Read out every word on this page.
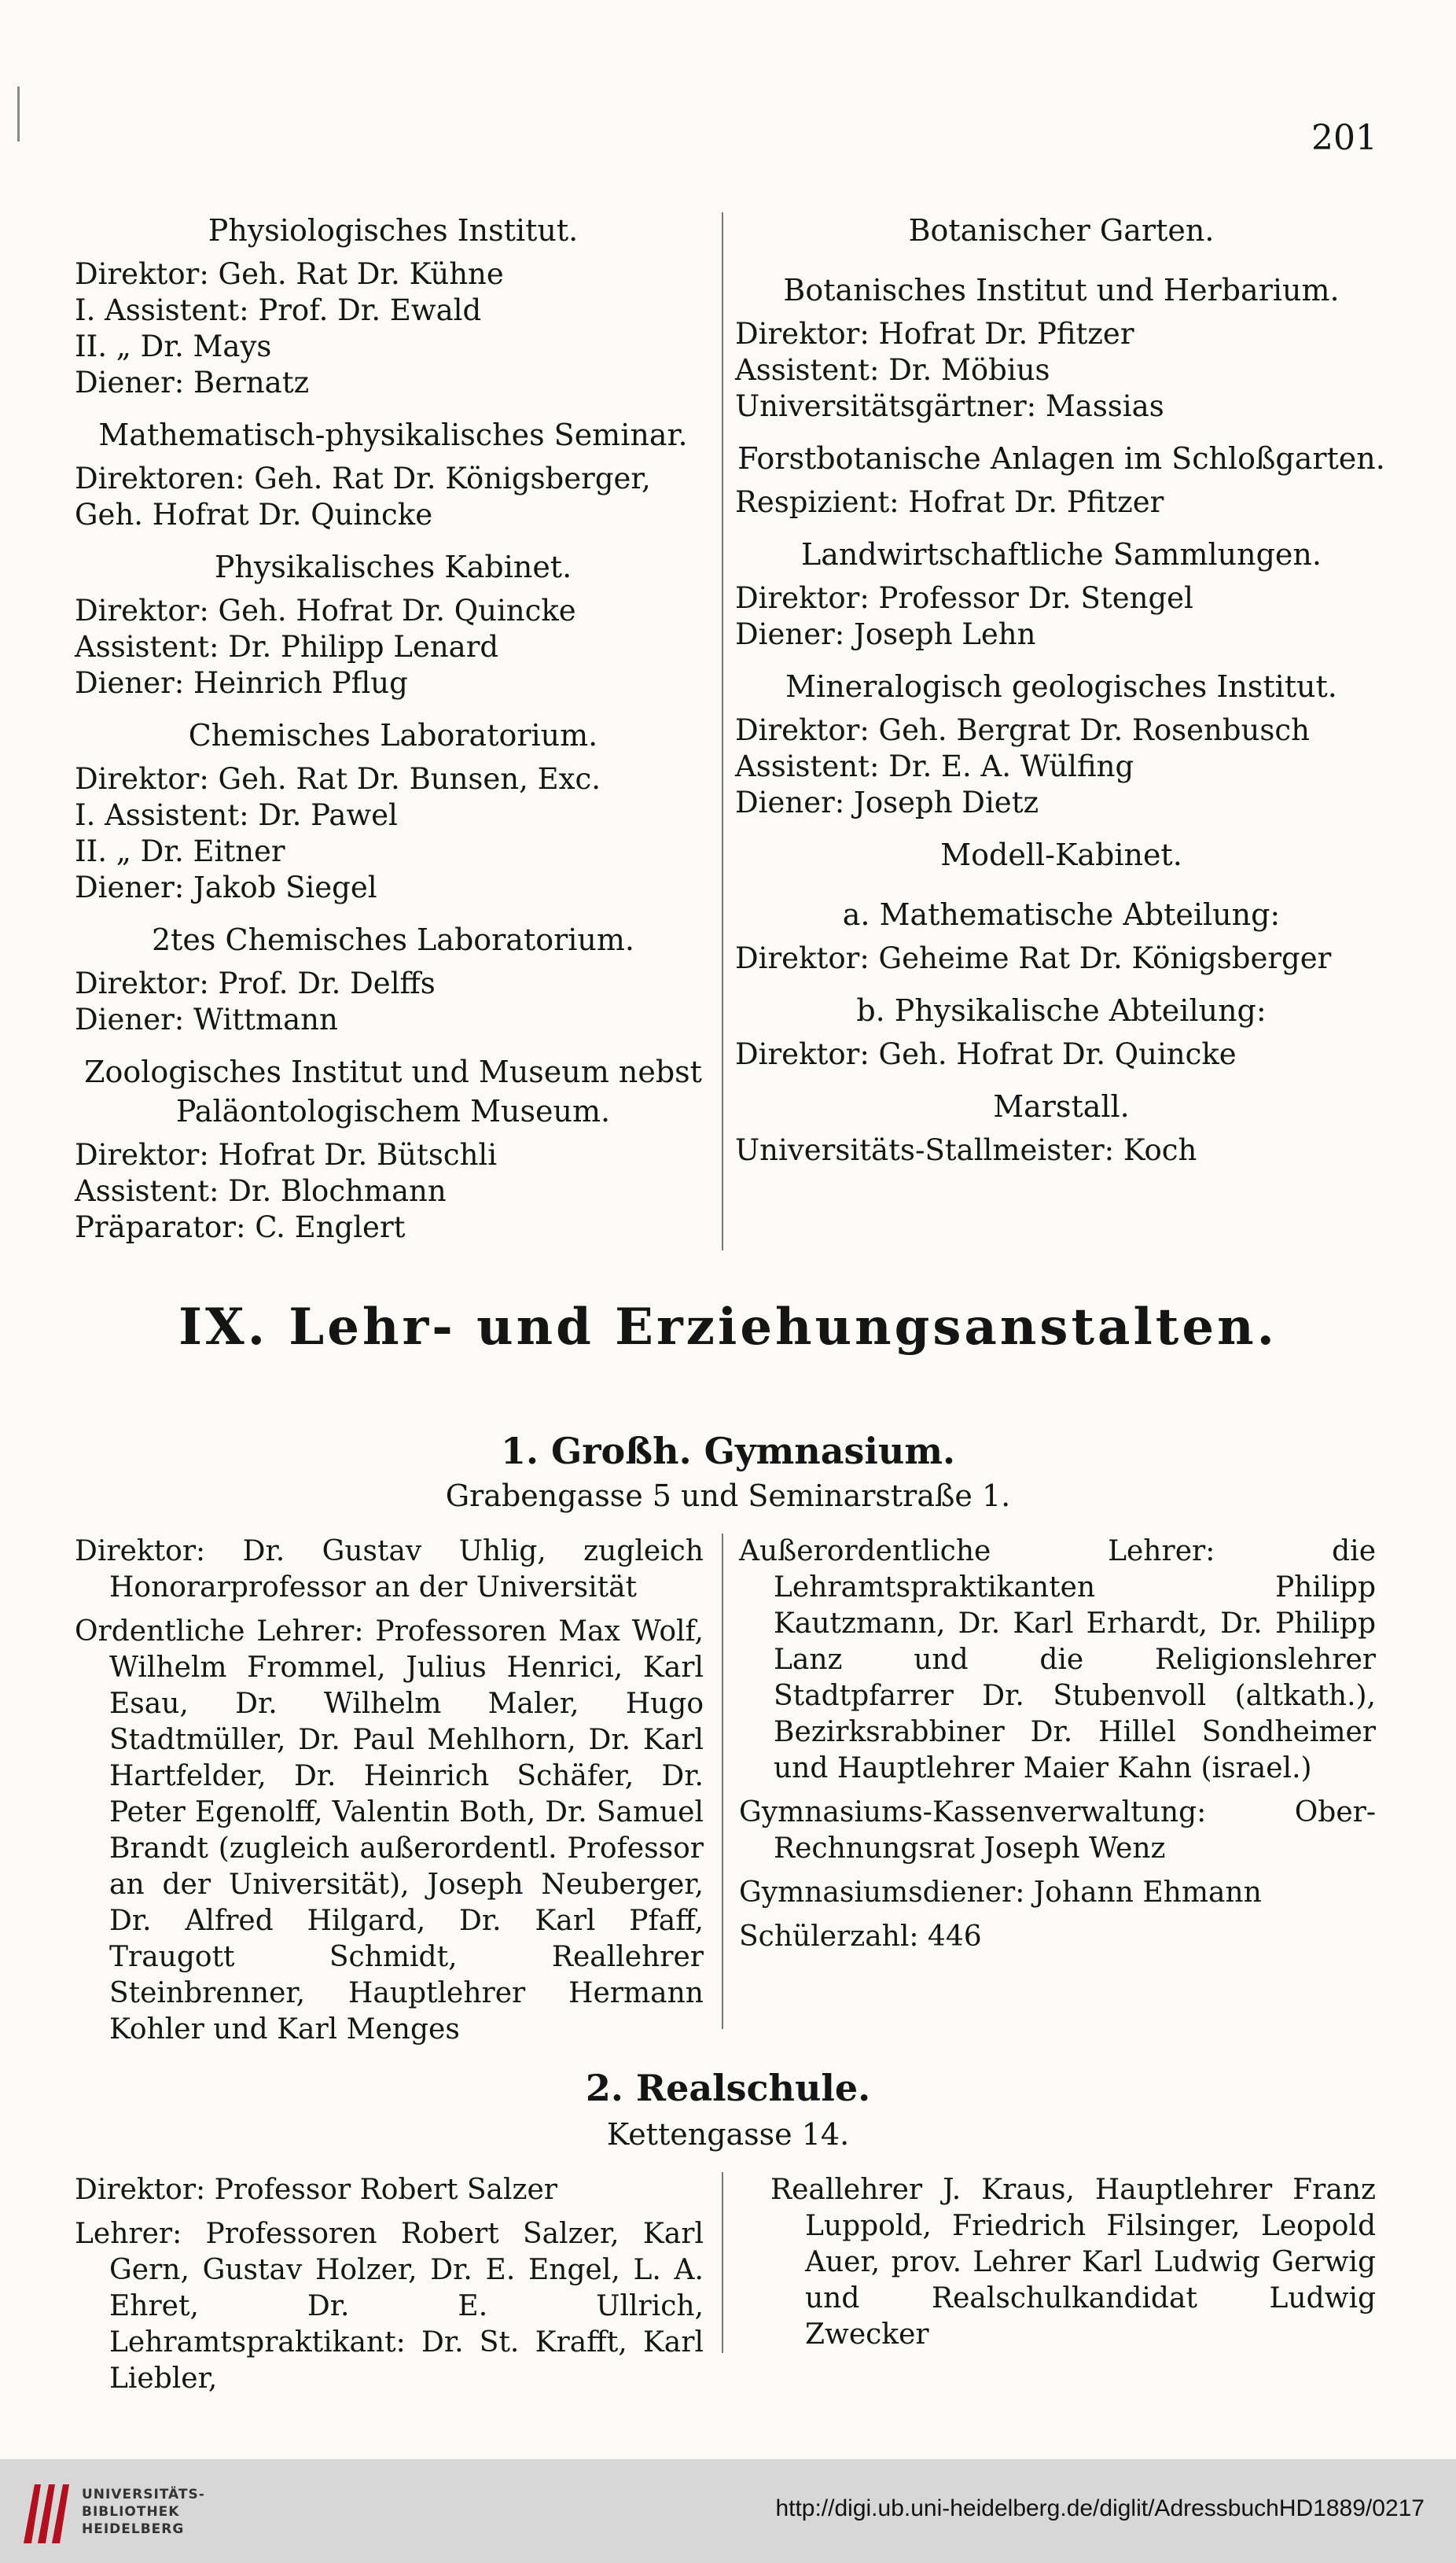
201
Physiologisches Institut.
Direktor: Geh. Rat Dr. Kühne
I. Assistent: Prof. Dr. Ewald
II. „ Dr. Mays
Diener: Bernatz
Mathematisch-physikalisches Seminar.
Direktoren: Geh. Rat Dr. Königsberger,
Geh. Hofrat Dr. Quincke
Physikalisches Kabinet.
Direktor: Geh. Hofrat Dr. Quincke
Assistent: Dr. Philipp Lenard
Diener: Heinrich Pflug
Chemisches Laboratorium.
Direktor: Geh. Rat Dr. Bunsen, Exc.
I. Assistent: Dr. Pawel
II. „ Dr. Eitner
Diener: Jakob Siegel
2tes Chemisches Laboratorium.
Direktor: Prof. Dr. Delffs
Diener: Wittmann
Zoologisches Institut und Museum nebst Paläontologischem Museum.
Direktor: Hofrat Dr. Bütschli
Assistent: Dr. Blochmann
Präparator: C. Englert
Botanischer Garten.
Botanisches Institut und Herbarium.
Direktor: Hofrat Dr. Pfitzer
Assistent: Dr. Möbius
Universitätsgärtner: Massias
Forstbotanische Anlagen im Schloßgarten.
Respizient: Hofrat Dr. Pfitzer
Landwirtschaftliche Sammlungen.
Direktor: Professor Dr. Stengel
Diener: Joseph Lehn
Mineralogisch geologisches Institut.
Direktor: Geh. Bergrat Dr. Rosenbusch
Assistent: Dr. E. A. Wülfing
Diener: Joseph Dietz
Modell-Kabinet.
a. Mathematische Abteilung:
Direktor: Geheime Rat Dr. Königsberger
b. Physikalische Abteilung:
Direktor: Geh. Hofrat Dr. Quincke
Marstall.
Universitäts-Stallmeister: Koch
IX. Lehr- und Erziehungsanstalten.
1. Großh. Gymnasium.
Grabengasse 5 und Seminarstraße 1.
Direktor: Dr. Gustav Uhlig, zugleich Honorarprofessor an der Universität
Ordentliche Lehrer: Professoren Max Wolf, Wilhelm Frommel, Julius Henrici, Karl Esau, Dr. Wilhelm Maler, Hugo Stadtmüller, Dr. Paul Mehlhorn, Dr. Karl Hartfelder, Dr. Heinrich Schäfer, Dr. Peter Egenolff, Valentin Both, Dr. Samuel Brandt (zugleich außerordentl. Professor an der Universität), Joseph Neuberger, Dr. Alfred Hilgard, Dr. Karl Pfaff, Traugott Schmidt, Reallehrer Steinbrenner, Hauptlehrer Hermann Kohler und Karl Menges
Außerordentliche Lehrer: die Lehramtspraktikanten Philipp Kautzmann, Dr. Karl Erhardt, Dr. Philipp Lanz und die Religionslehrer Stadtpfarrer Dr. Stubenvoll (altkath.), Bezirksrabbiner Dr. Hillel Sondheimer und Hauptlehrer Maier Kahn (israel.)
Gymnasiums-Kassenverwaltung: Ober-Rechnungsrat Joseph Wenz
Gymnasiumsdiener: Johann Ehmann
Schülerzahl: 446
2. Realschule.
Kettengasse 14.
Direktor: Professor Robert Salzer
Lehrer: Professoren Robert Salzer, Karl Gern, Gustav Holzer, Dr. E. Engel, L. A. Ehret, Dr. E. Ullrich, Lehramtspraktikant: Dr. St. Krafft, Karl Liebler,
Reallehrer J. Kraus, Hauptlehrer Franz Luppold, Friedrich Filsinger, Leopold Auer, prov. Lehrer Karl Ludwig Gerwig und Realschulkandidat Ludwig Zwecker
UNIVERSITÄTS-
BIBLIOTHEK
HEIDELBERG
http://digi.ub.uni-heidelberg.de/diglit/AdressbuchHD1889/0217
